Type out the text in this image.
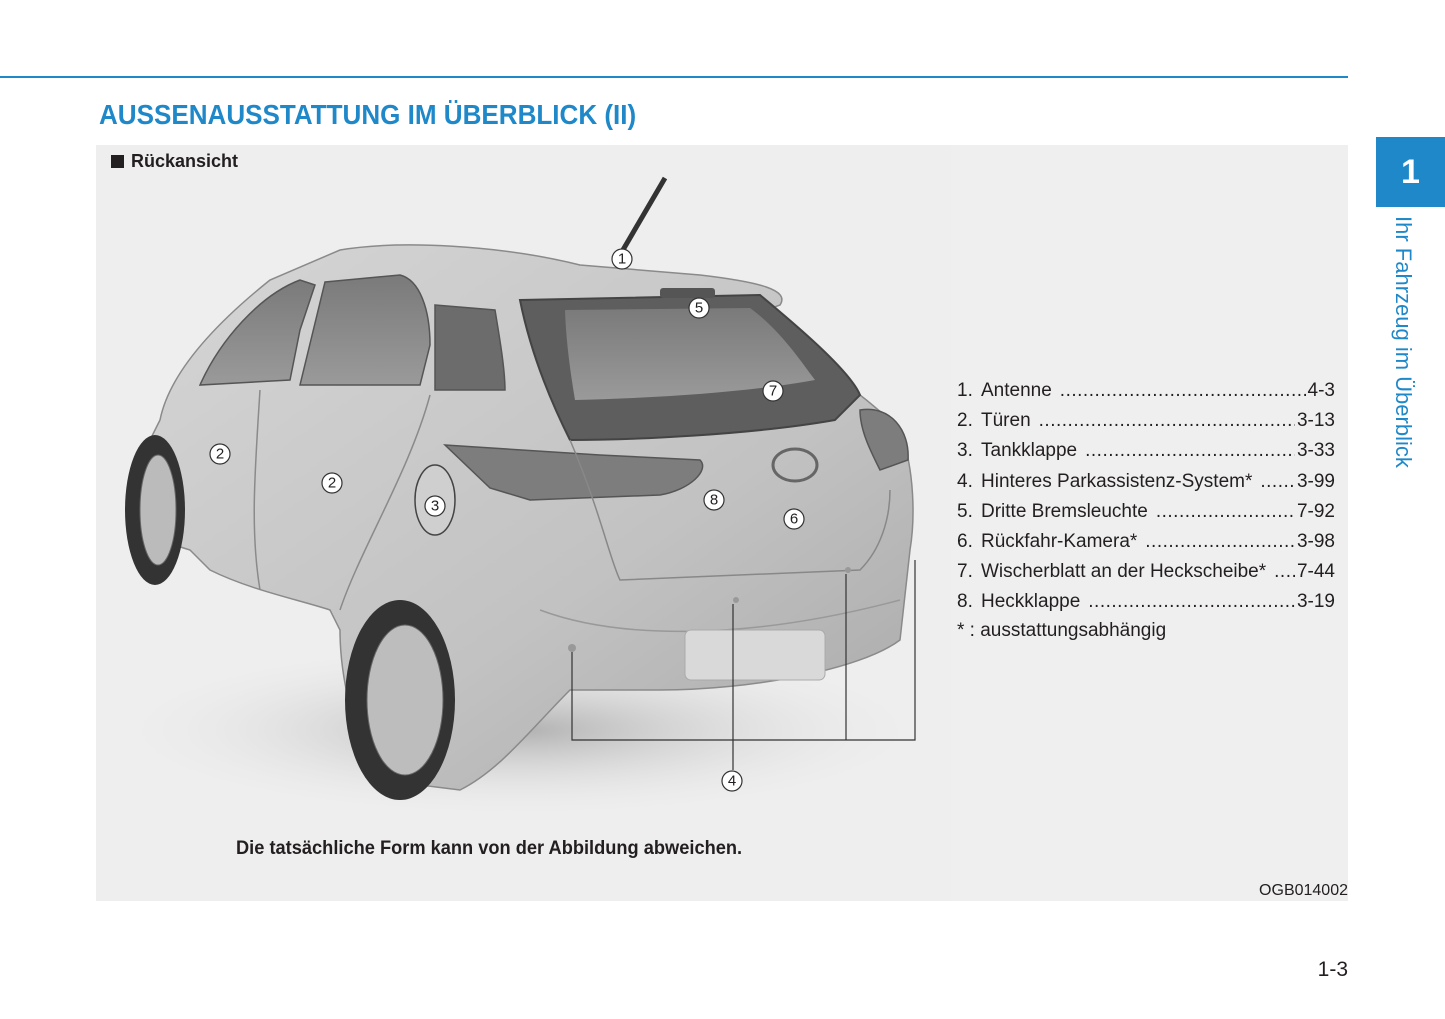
AUSSENAUSSTATTUNG IM ÜBERBLICK (II)
Rückansicht
1
2
2
3
4
5
6
7
8
Die tatsächliche Form kann von der Abbildung abweichen.
OGB014002
1. Antenne .....	4-3
2. Türen .....	3-13
3. Tankklappe .....	3-33
4. Hinteres Parkassistenz-System* ..... 3-99
5. Dritte Bremsleuchte .....	7-92
6. Rückfahr-Kamera* .....	3-98
7. Wischerblatt an der Heckscheibe* ..... 7-44
8. Heckklappe .....	3-19
* : ausstattungsabhängig
1
Ihr Fahrzeug im Überblick
1-3
